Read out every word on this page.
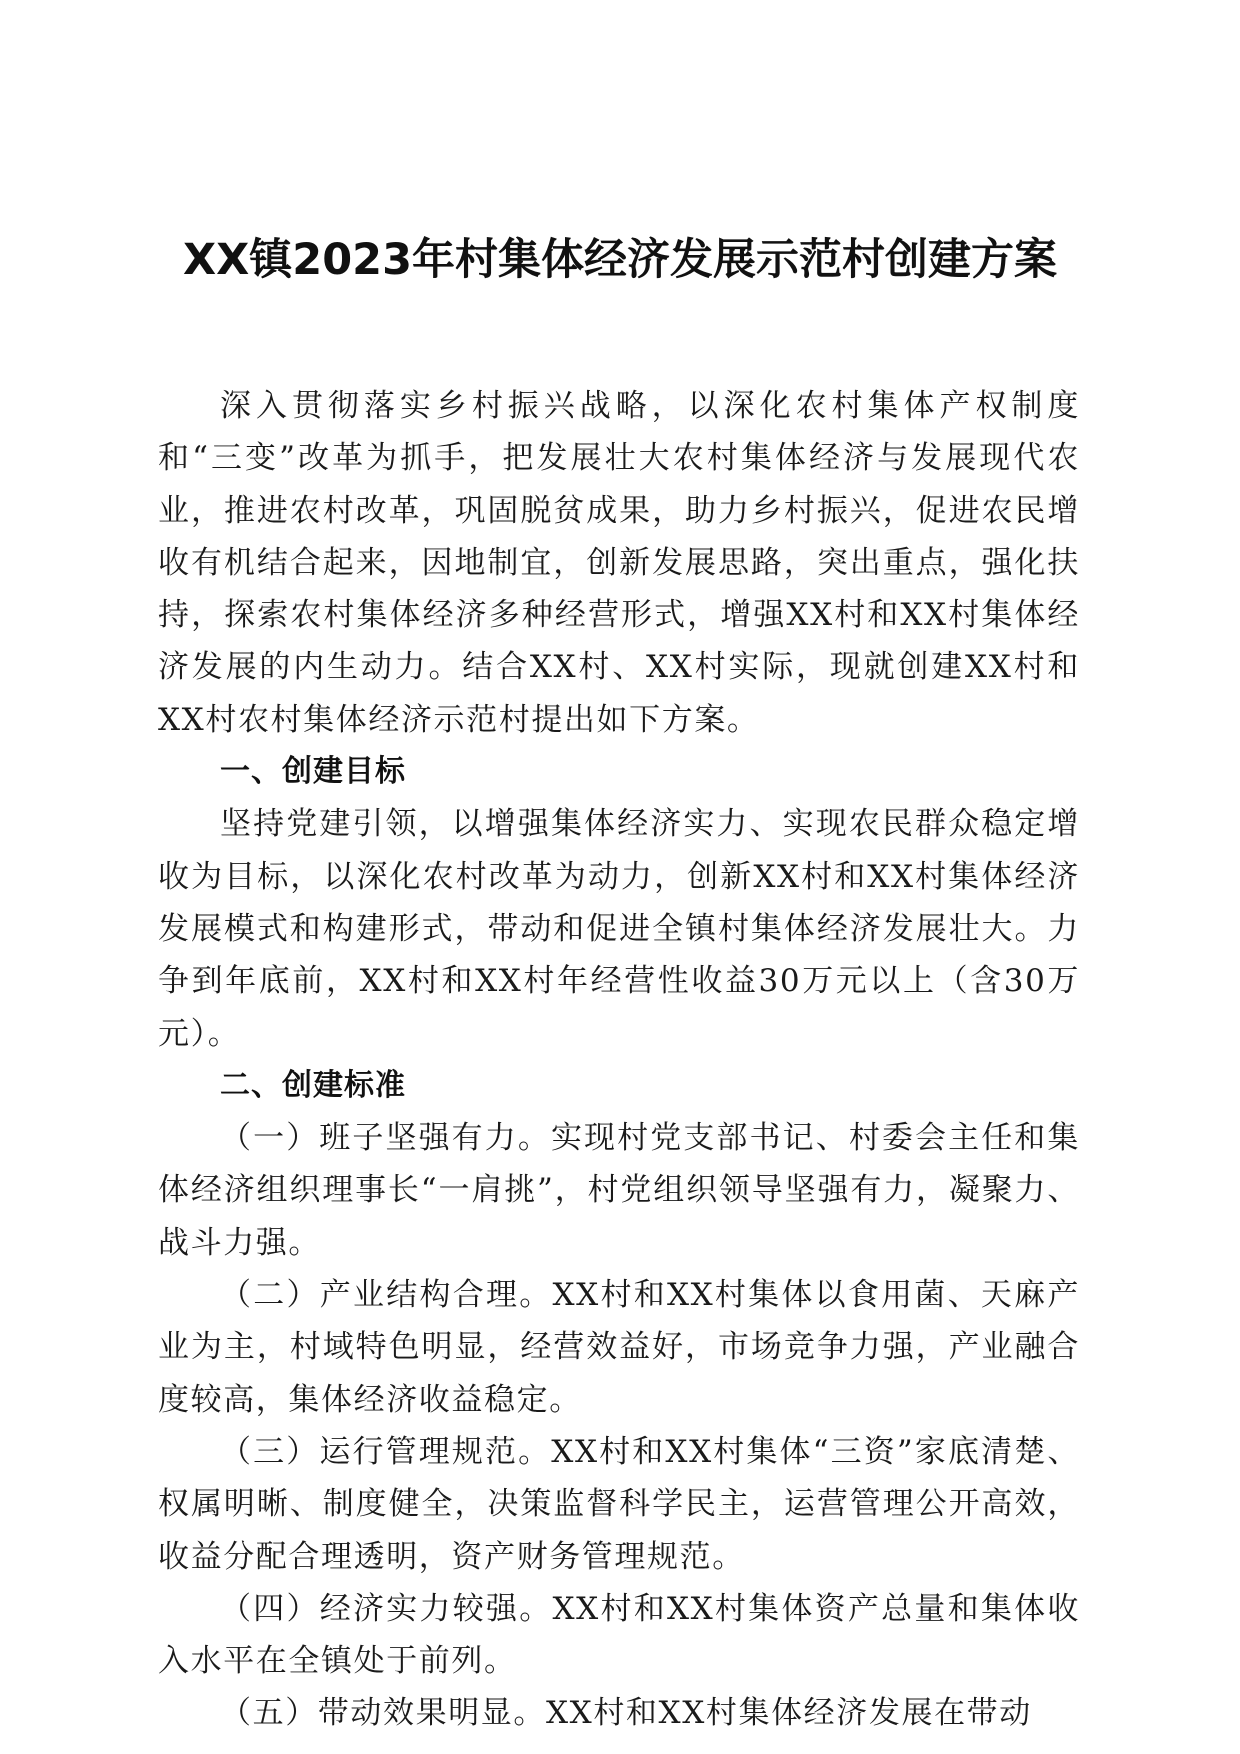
XX镇2023年村集体经济发展示范村创建方案

深入贯彻落实乡村振兴战略，以深化农村集体产权制度和“三变”改革为抓手，把发展壮大农村集体经济与发展现代农业，推进农村改革，巩固脱贫成果，助力乡村振兴，促进农民增收有机结合起来，因地制宜，创新发展思路，突出重点，强化扶持，探索农村集体经济多种经营形式，增强XX村和XX村集体经济发展的内生动力。结合XX村、XX村实际，现就创建XX村和XX村农村集体经济示范村提出如下方案。

一、创建目标

坚持党建引领，以增强集体经济实力、实现农民群众稳定增收为目标，以深化农村改革为动力，创新XX村和XX村集体经济发展模式和构建形式，带动和促进全镇村集体经济发展壮大。力争到年底前，XX村和XX村年经营性收益30万元以上（含30万元）。

二、创建标准

（一）班子坚强有力。实现村党支部书记、村委会主任和集体经济组织理事长“一肩挑”，村党组织领导坚强有力，凝聚力、战斗力强。

（二）产业结构合理。XX村和XX村集体以食用菌、天麻产业为主，村域特色明显，经营效益好，市场竞争力强，产业融合度较高，集体经济收益稳定。

（三）运行管理规范。XX村和XX村集体“三资”家底清楚、权属明晰、制度健全，决策监督科学民主，运营管理公开高效，收益分配合理透明，资产财务管理规范。

（四）经济实力较强。XX村和XX村集体资产总量和集体收入水平在全镇处于前列。

（五）带动效果明显。XX村和XX村集体经济发展在带动
